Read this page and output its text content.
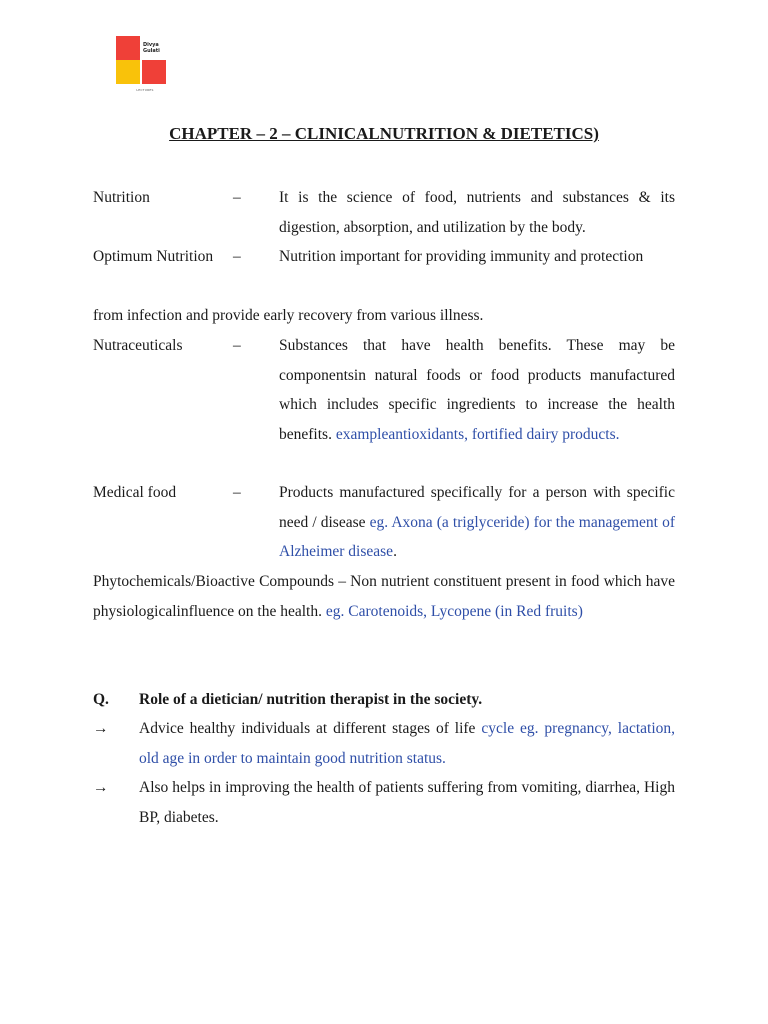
Divya
Gulati
LECTURES
CHAPTER – 2 – CLINICALNUTRITION & DIETETICS)
Nutrition	– It is the science of food, nutrients and substances & its digestion, absorption, and utilization by the body.
Optimum Nutrition – Nutrition important for providing immunity and protection
from infection and provide early recovery from various illness.
Nutraceuticals	– Substances that have health benefits. These may be componentsin natural foods or food products manufactured which includes specific ingredients to increase the health benefits. exampleantioxidants, fortified dairy products.
Medical food	– Products manufactured specifically for a person with specific need / disease eg. Axona (a triglyceride) for the management of Alzheimer disease.
Phytochemicals/Bioactive Compounds – Non nutrient constituent present in food which have physiologicalinfluence on the health. eg. Carotenoids, Lycopene (in Red fruits)
Q. Role of a dietician/ nutrition therapist in the society.
→ Advice healthy individuals at different stages of life cycle eg. pregnancy, lactation, old age in order to maintain good nutrition status.
→ Also helps in improving the health of patients suffering from vomiting, diarrhea, High BP, diabetes.
